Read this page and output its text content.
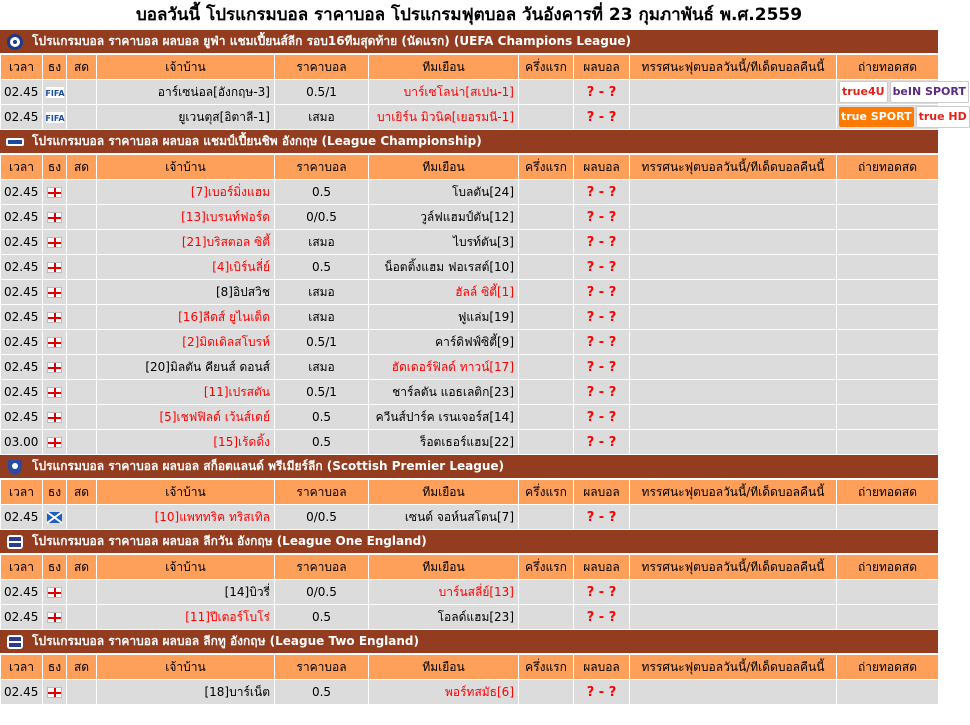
บอลวันนี้ โปรแกรมบอล ราคาบอล โปรแกรมฟุตบอล วันอังคารที่ 23 กุมภาพันธ์ พ.ศ.2559
โปรแกรมบอล ราคาบอล ผลบอล ยูฟ่า แชมเปี้ยนส์ลีก รอบ16ทีมสุดท้าย (นัดแรก) (UEFA Champions League)
เวลา	ธง	สด	เจ้าบ้าน	ราคาบอล	ทีมเยือน	ครึ่งแรก	ผลบอล	ทรรศนะฟุตบอลวันนี้/ทีเด็ดบอลคืนนี้	ถ่ายทอดสด
02.45	FIFA		อาร์เซน่อล[อังกฤษ-3]	0.5/1	บาร์เซโลน่า[สเปน-1]		? - ?		true4U beIN SPORT
02.45	FIFA		ยูเวนตุส[อิตาลี-1]	เสมอ	บาเยิร์น มิวนิค[เยอรมนี-1]		? - ?		true SPORT true HD
โปรแกรมบอล ราคาบอล ผลบอล แชมป์เปี้ยนชิพ อังกฤษ (League Championship)
เวลา	ธง	สด	เจ้าบ้าน	ราคาบอล	ทีมเยือน	ครึ่งแรก	ผลบอล	ทรรศนะฟุตบอลวันนี้/ทีเด็ดบอลคืนนี้	ถ่ายทอดสด
02.45			[7]เบอร์มิ่งแฮม	0.5	โบลตัน[24]		? - ?		
02.45			[13]เบรนท์ฟอร์ด	0/0.5	วูล์ฟแฮมป์ตัน[12]		? - ?		
02.45			[21]บริสตอล ซิตี้	เสมอ	ไบรท์ตัน[3]		? - ?		
02.45			[4]เบิร์นลี่ย์	0.5	น็อตติ้งแฮม ฟอเรสต์[10]		? - ?		
02.45			[8]อิปสวิช	เสมอ	ฮัลล์ ซิตี้[1]		? - ?		
02.45			[16]ลีดส์ ยูไนเต็ด	เสมอ	ฟูแล่ม[19]		? - ?		
02.45			[2]มิดเดิลสโบรห์	0.5/1	คาร์ดิฟฟ์ซิตี้[9]		? - ?		
02.45			[20]มิลตัน คียนส์ ดอนส์	เสมอ	ฮัดเดอร์ฟิลด์ ทาวน์[17]		? - ?		
02.45			[11]เปรสตัน	0.5/1	ชาร์ลตัน แอธเลติก[23]		? - ?		
02.45			[5]เชฟฟิลด์ เว้นส์เดย์	0.5	ควีนส์ปาร์ค เรนเจอร์ส[14]		? - ?		
03.00			[15]เร้ดดิ้ง	0.5	ร็อตเธอร์แฮม[22]		? - ?		
โปรแกรมบอล ราคาบอล ผลบอล สก็อตแลนด์ พรีเมียร์ลีก (Scottish Premier League)
เวลา	ธง	สด	เจ้าบ้าน	ราคาบอล	ทีมเยือน	ครึ่งแรก	ผลบอล	ทรรศนะฟุตบอลวันนี้/ทีเด็ดบอลคืนนี้	ถ่ายทอดสด
02.45			[10]แพททริค ทริสเทิล	0/0.5	เซนต์ จอห์นสโตน[7]		? - ?		
โปรแกรมบอล ราคาบอล ผลบอล ลีกวัน อังกฤษ (League One England)
เวลา	ธง	สด	เจ้าบ้าน	ราคาบอล	ทีมเยือน	ครึ่งแรก	ผลบอล	ทรรศนะฟุตบอลวันนี้/ทีเด็ดบอลคืนนี้	ถ่ายทอดสด
02.45			[14]บิวรี่	0/0.5	บาร์นสลี่ย์[13]		? - ?		
02.45			[11]ปีเตอร์โบโร่	0.5	โอลด์แฮม[23]		? - ?		
โปรแกรมบอล ราคาบอล ผลบอล ลีกทู อังกฤษ (League Two England)
เวลา	ธง	สด	เจ้าบ้าน	ราคาบอล	ทีมเยือน	ครึ่งแรก	ผลบอล	ทรรศนะฟุตบอลวันนี้/ทีเด็ดบอลคืนนี้	ถ่ายทอดสด
02.45			[18]บาร์เน็ต	0.5	พอร์ทสมัธ[6]		? - ?		
